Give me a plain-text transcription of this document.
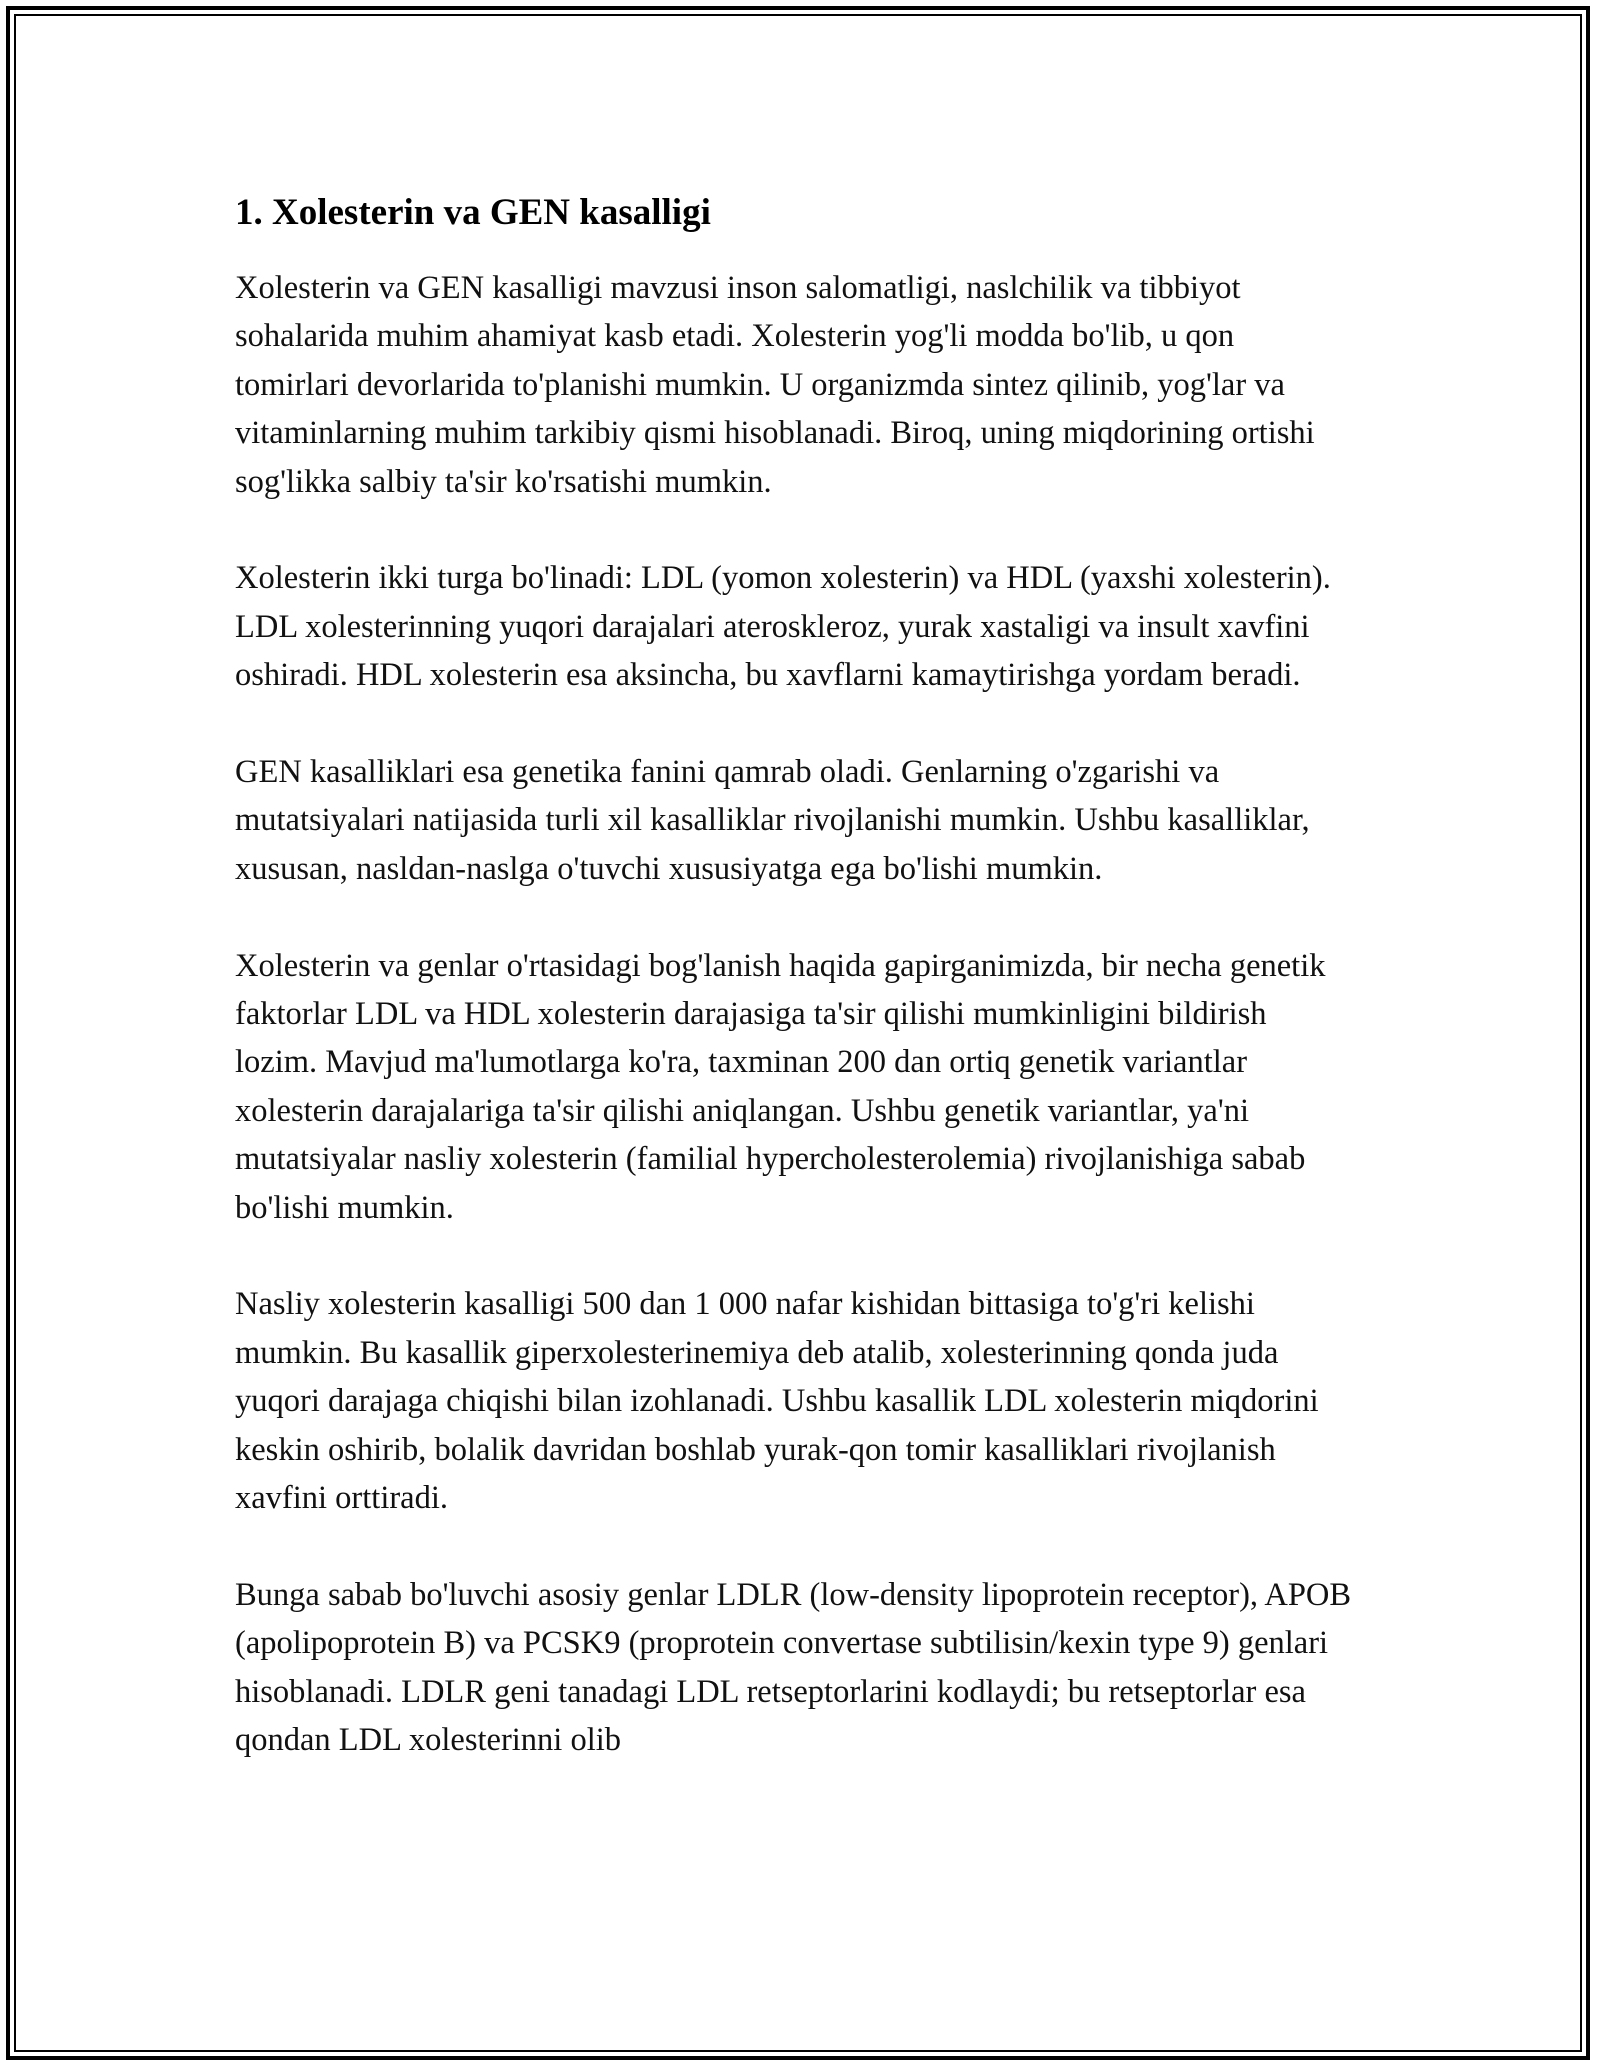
1. Xolesterin va GEN kasalligi

Xolesterin va GEN kasalligi mavzusi inson salomatligi, naslchilik va tibbiyot sohalarida muhim ahamiyat kasb etadi. Xolesterin yog'li modda bo'lib, u qon tomirlari devorlarida to'planishi mumkin. U organizmda sintez qilinib, yog'lar va vitaminlarning muhim tarkibiy qismi hisoblanadi. Biroq, uning miqdorining ortishi sog'likka salbiy ta'sir ko'rsatishi mumkin.

Xolesterin ikki turga bo'linadi: LDL (yomon xolesterin) va HDL (yaxshi xolesterin). LDL xolesterinning yuqori darajalari ateroskleroz, yurak xastaligi va insult xavfini oshiradi. HDL xolesterin esa aksincha, bu xavflarni kamaytirishga yordam beradi.

GEN kasalliklari esa genetika fanini qamrab oladi. Genlarning o'zgarishi va mutatsiyalari natijasida turli xil kasalliklar rivojlanishi mumkin. Ushbu kasalliklar, xususan, nasldan-naslga o'tuvchi xususiyatga ega bo'lishi mumkin.

Xolesterin va genlar o'rtasidagi bog'lanish haqida gapirganimizda, bir necha genetik faktorlar LDL va HDL xolesterin darajasiga ta'sir qilishi mumkinligini bildirish lozim. Mavjud ma'lumotlarga ko'ra, taxminan 200 dan ortiq genetik variantlar xolesterin darajalariga ta'sir qilishi aniqlangan. Ushbu genetik variantlar, ya'ni mutatsiyalar nasliy xolesterin (familial hypercholesterolemia) rivojlanishiga sabab bo'lishi mumkin.

Nasliy xolesterin kasalligi 500 dan 1 000 nafar kishidan bittasiga to'g'ri kelishi mumkin. Bu kasallik giperxolesterinemiya deb atalib, xolesterinning qonda juda yuqori darajaga chiqishi bilan izohlanadi. Ushbu kasallik LDL xolesterin miqdorini keskin oshirib, bolalik davridan boshlab yurak-qon tomir kasalliklari rivojlanish xavfini orttiradi.

Bunga sabab bo'luvchi asosiy genlar LDLR (low-density lipoprotein receptor), APOB (apolipoprotein B) va PCSK9 (proprotein convertase subtilisin/kexin type 9) genlari hisoblanadi. LDLR geni tanadagi LDL retseptorlarini kodlaydi; bu retseptorlar esa qondan LDL xolesterinni olib
